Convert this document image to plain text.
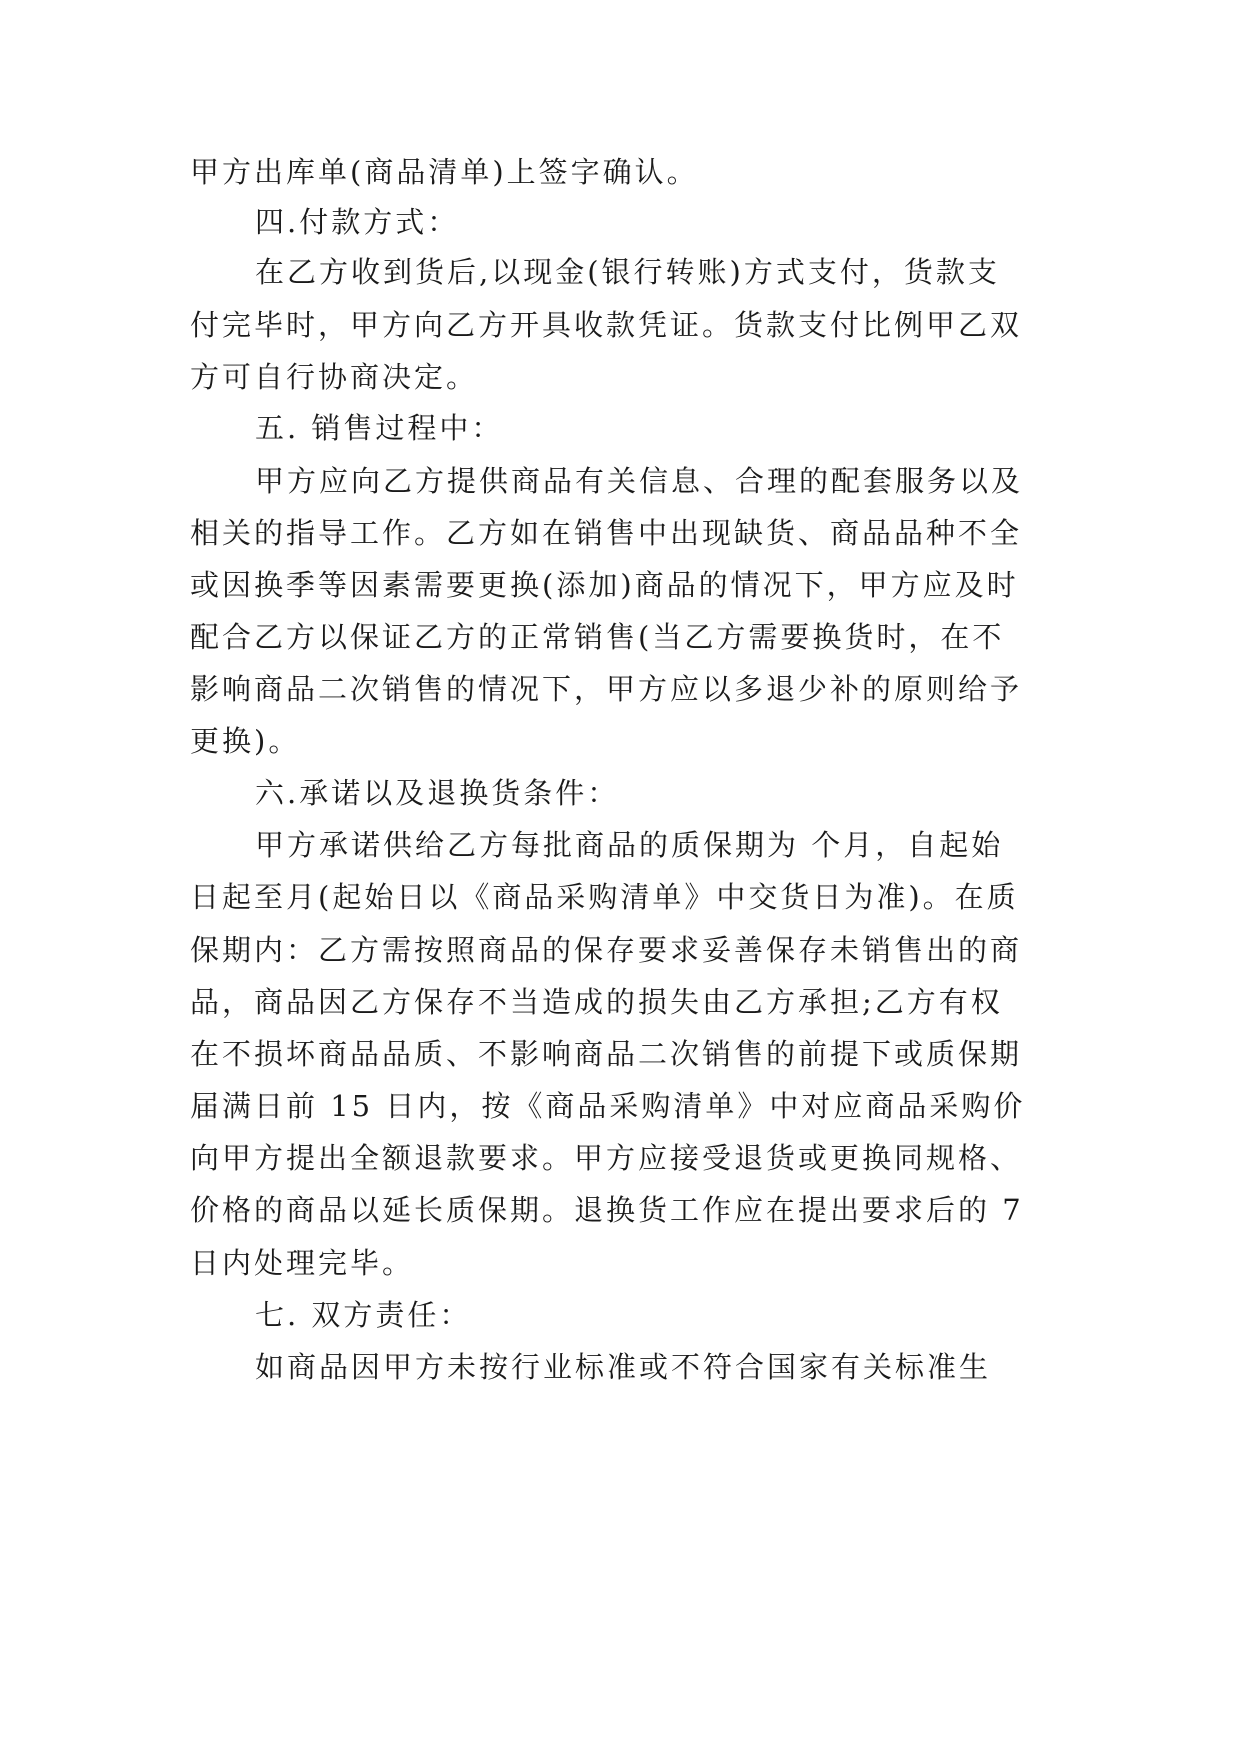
甲方出库单(商品清单)上签字确认。
四.付款方式：
在乙方收到货后,以现金(银行转账)方式支付，货款支
付完毕时，甲方向乙方开具收款凭证。货款支付比例甲乙双
方可自行协商决定。
五. 销售过程中：
甲方应向乙方提供商品有关信息、合理的配套服务以及
相关的指导工作。乙方如在销售中出现缺货、商品品种不全
或因换季等因素需要更换(添加)商品的情况下，甲方应及时
配合乙方以保证乙方的正常销售(当乙方需要换货时，在不
影响商品二次销售的情况下，甲方应以多退少补的原则给予
更换)。
六.承诺以及退换货条件：
甲方承诺供给乙方每批商品的质保期为 个月，自起始
日起至月(起始日以《商品采购清单》中交货日为准)。在质
保期内：乙方需按照商品的保存要求妥善保存未销售出的商
品，商品因乙方保存不当造成的损失由乙方承担;乙方有权
在不损坏商品品质、不影响商品二次销售的前提下或质保期
届满日前 15 日内，按《商品采购清单》中对应商品采购价
向甲方提出全额退款要求。甲方应接受退货或更换同规格、
价格的商品以延长质保期。退换货工作应在提出要求后的 7
日内处理完毕。
七. 双方责任：
如商品因甲方未按行业标准或不符合国家有关标准生
